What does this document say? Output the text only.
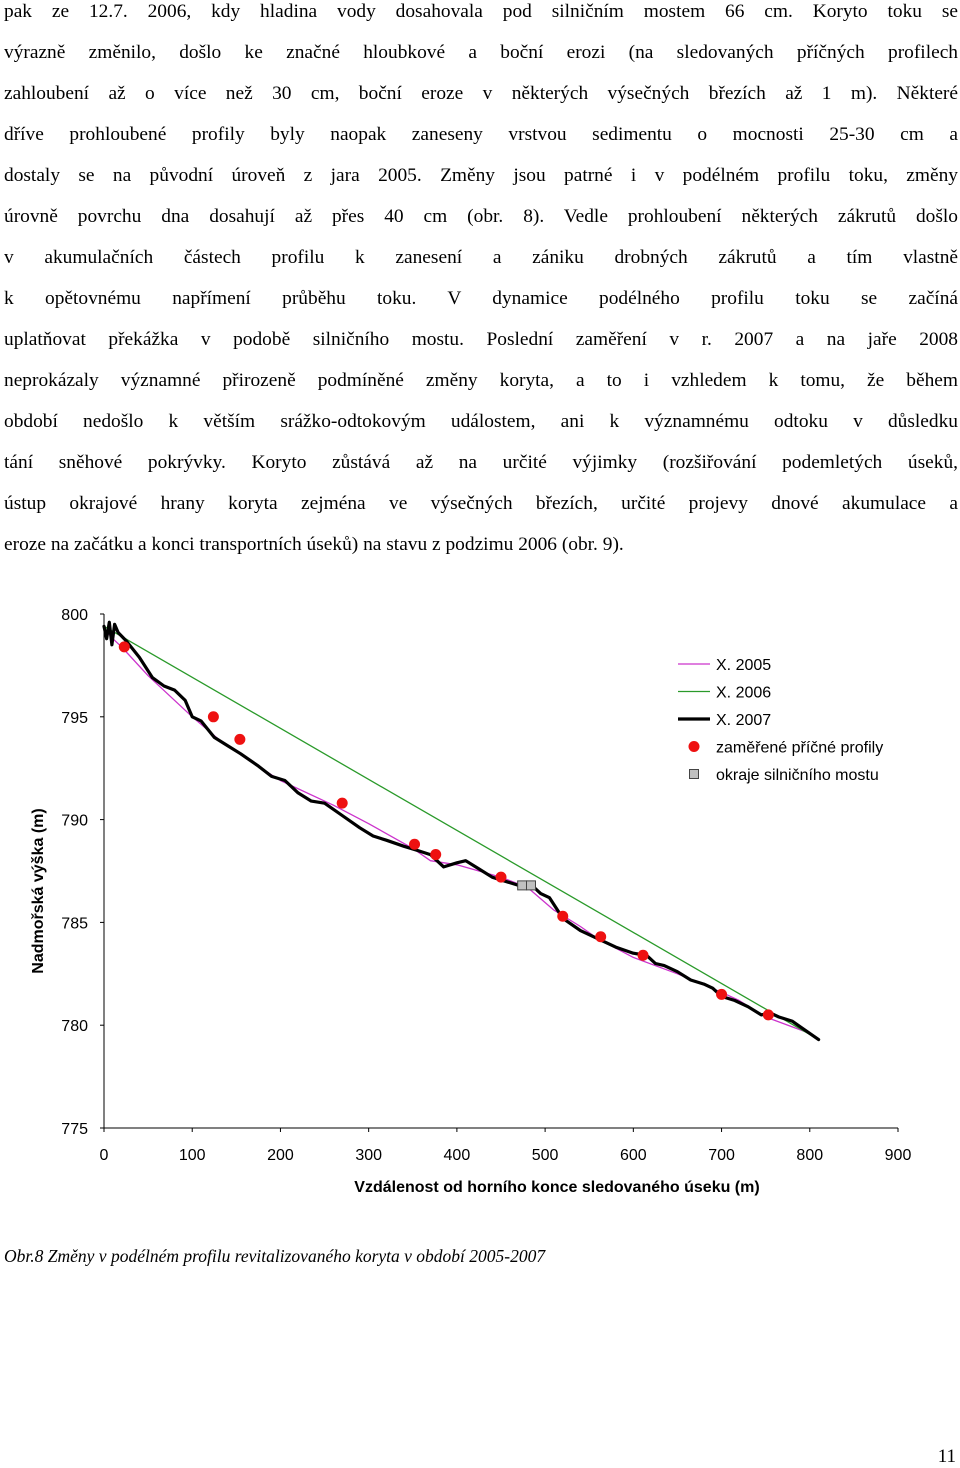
pak ze 12.7. 2006, kdy hladina vody dosahovala pod silničním mostem 66 cm. Koryto toku se
výrazně změnilo, došlo ke značné hloubkové a boční erozi (na sledovaných příčných profilech
zahloubení až o více než 30 cm, boční eroze v některých výsečných březích až 1 m). Některé
dříve prohloubené profily byly naopak zaneseny vrstvou sedimentu o mocnosti 25-30 cm a
dostaly se na původní úroveň z jara 2005. Změny jsou patrné i v podélném profilu toku, změny
úrovně povrchu dna dosahují až přes 40 cm (obr. 8). Vedle prohloubení některých zákrutů došlo
v akumulačních částech profilu k zanesení a zániku drobných zákrutů a tím vlastně
k opětovnému napřímení průběhu toku. V dynamice podélného profilu toku se začíná
uplatňovat překážka v podobě silničního mostu. Poslední zaměření v r. 2007 a na jaře 2008
neprokázaly významné přirozeně podmíněné změny koryta, a to i vzhledem k tomu, že během
období nedošlo k větším srážko-odtokovým událostem, ani k významnému odtoku v důsledku
tání sněhové pokrývky. Koryto zůstává až na určité výjimky (rozšiřování podemletých úseků,
ústup okrajové hrany koryta zejména ve výsečných březích, určité projevy dnové akumulace a
eroze na začátku a konci transportních úseků) na stavu z podzimu 2006 (obr. 9).
800
795
790
785
780
775
0	100	200	300	400	500	600	700	800	900
Vzdálenost od horního konce sledovaného úseku (m)
Nadmořská výška (m)
X. 2005
X. 2006
X. 2007
zaměřené příčné profily
okraje silničního mostu

Obr.8 Změny v podélném profilu revitalizovaného koryta v období 2005-2007

11
